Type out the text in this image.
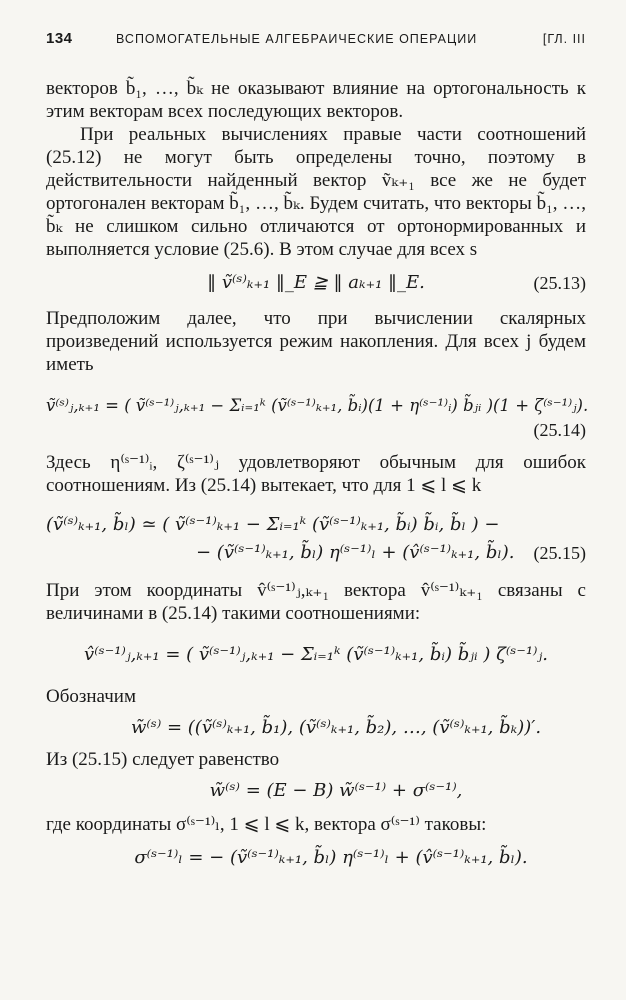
134	ВСПОМОГАТЕЛЬНЫЕ АЛГЕБРАИЧЕСКИЕ ОПЕРАЦИИ	[ГЛ. III

векторов b̃₁, …, b̃ₖ не оказывают влияние на ортогональность к этим векторам всех последующих векторов.

При реальных вычислениях правые части соотношений (25.12) не могут быть определены точно, поэтому в действительности найденный вектор ṽₖ₊₁ все же не будет ортогонален векторам b̃₁, …, b̃ₖ. Будем считать, что векторы b̃₁, …, b̃ₖ не слишком сильно отличаются от ортонормированных и выполняется условие (25.6). В этом случае для всех s

‖ ṽ⁽ˢ⁾ₖ₊₁ ‖_E ≧ ‖ aₖ₊₁ ‖_E.	(25.13)

Предположим далее, что при вычислении скалярных произведений используется режим накопления. Для всех j будем иметь

ṽ⁽ˢ⁾ⱼ,ₖ₊₁ = ( ṽ⁽ˢ⁻¹⁾ⱼ,ₖ₊₁ − Σᵢ₌₁ᵏ (ṽ⁽ˢ⁻¹⁾ₖ₊₁, b̃ᵢ)(1 + η⁽ˢ⁻¹⁾ᵢ) b̃ⱼᵢ )(1 + ζ⁽ˢ⁻¹⁾ⱼ).
(25.14)

Здесь η⁽ˢ⁻¹⁾ᵢ, ζ⁽ˢ⁻¹⁾ⱼ удовлетворяют обычным для ошибок соотношениям. Из (25.14) вытекает, что для 1 ⩽ l ⩽ k

(ṽ⁽ˢ⁾ₖ₊₁, b̃ₗ) ≃ ( ṽ⁽ˢ⁻¹⁾ₖ₊₁ − Σᵢ₌₁ᵏ (ṽ⁽ˢ⁻¹⁾ₖ₊₁, b̃ᵢ) b̃ᵢ, b̃ₗ ) −
− (ṽ⁽ˢ⁻¹⁾ₖ₊₁, b̃ₗ) η⁽ˢ⁻¹⁾ₗ + (v̂⁽ˢ⁻¹⁾ₖ₊₁, b̃ₗ). (25.15)

При этом координаты v̂⁽ˢ⁻¹⁾ⱼ,ₖ₊₁ вектора v̂⁽ˢ⁻¹⁾ₖ₊₁ связаны с величинами в (25.14) такими соотношениями:

v̂⁽ˢ⁻¹⁾ⱼ,ₖ₊₁ = ( ṽ⁽ˢ⁻¹⁾ⱼ,ₖ₊₁ − Σᵢ₌₁ᵏ (ṽ⁽ˢ⁻¹⁾ₖ₊₁, b̃ᵢ) b̃ⱼᵢ ) ζ⁽ˢ⁻¹⁾ⱼ.

Обозначим

w̃⁽ˢ⁾ = ((ṽ⁽ˢ⁾ₖ₊₁, b̃₁), (ṽ⁽ˢ⁾ₖ₊₁, b̃₂), …, (ṽ⁽ˢ⁾ₖ₊₁, b̃ₖ))′.

Из (25.15) следует равенство

w̃⁽ˢ⁾ = (E − B) w̃⁽ˢ⁻¹⁾ + σ⁽ˢ⁻¹⁾,

где координаты σ⁽ˢ⁻¹⁾ₗ, 1 ⩽ l ⩽ k, вектора σ⁽ˢ⁻¹⁾ таковы:

σ⁽ˢ⁻¹⁾ₗ = − (ṽ⁽ˢ⁻¹⁾ₖ₊₁, b̃ₗ) η⁽ˢ⁻¹⁾ₗ + (v̂⁽ˢ⁻¹⁾ₖ₊₁, b̃ₗ).
